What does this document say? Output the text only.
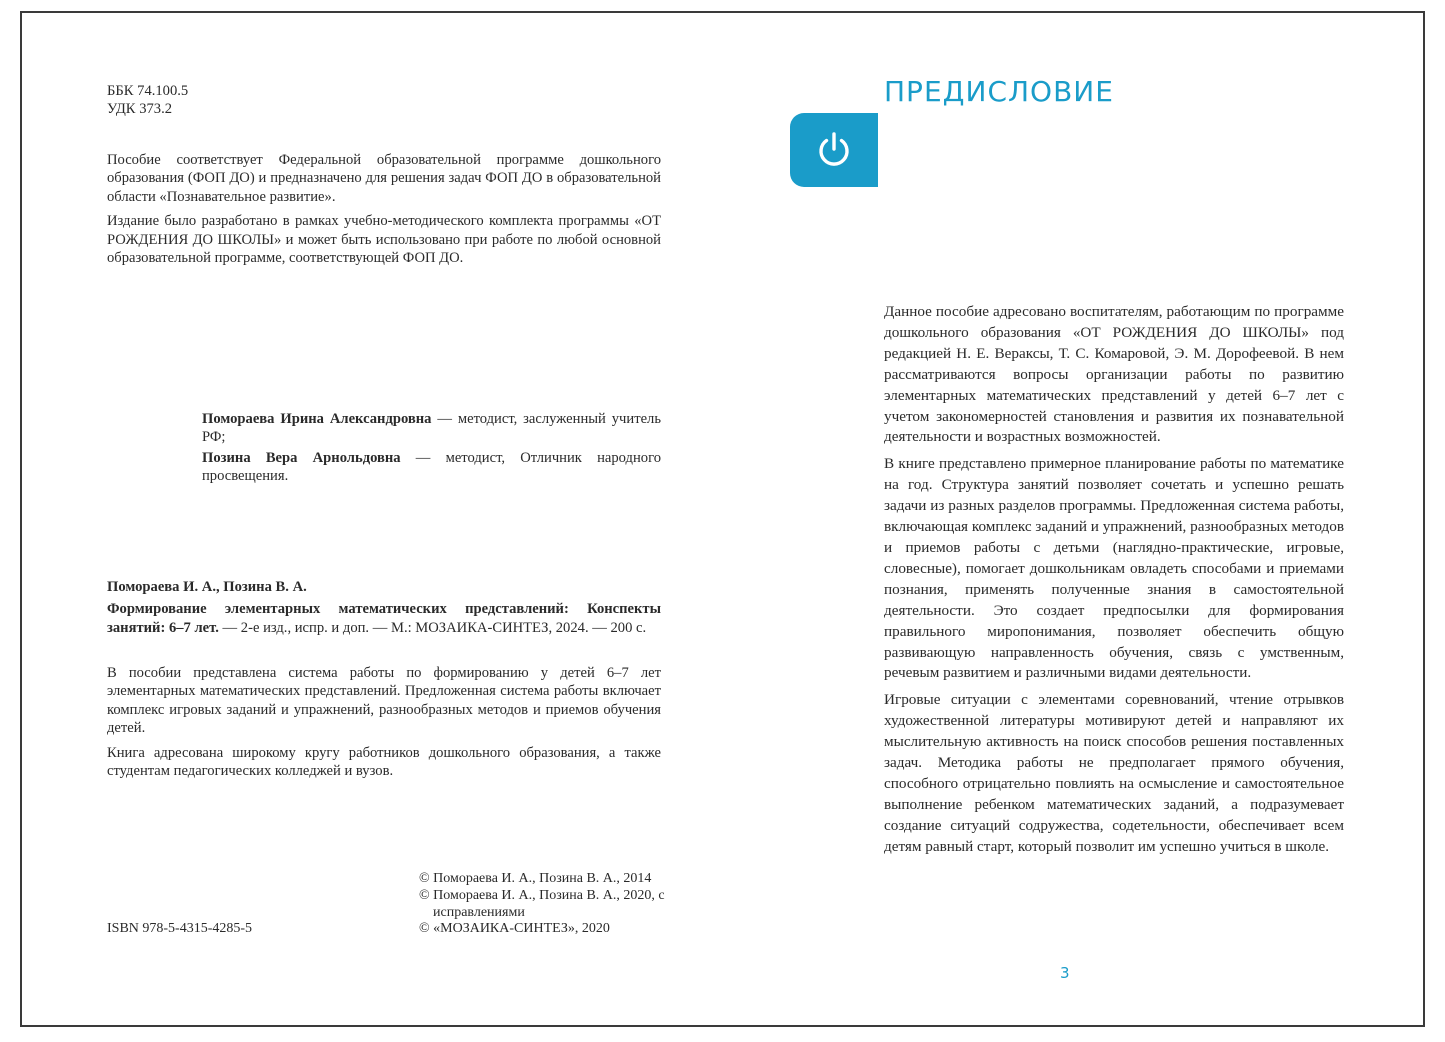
ББК 74.100.5
УДК 373.2

Пособие соответствует Федеральной образовательной программе дошкольного образования (ФОП ДО) и предназначено для решения задач ФОП ДО в образовательной области «Познавательное развитие».

Издание было разработано в рамках учебно-методического комплекта программы «ОТ РОЖДЕНИЯ ДО ШКОЛЫ» и может быть использовано при работе по любой основной образовательной программе, соответствующей ФОП ДО.

Помораева Ирина Александровна — методист, заслуженный учитель РФ;

Позина Вера Арнольдовна — методист, Отличник народного просвещения.

Помораева И. А., Позина В. А.

Формирование элементарных математических представлений: Конспекты занятий: 6–7 лет. — 2-е изд., испр. и доп. — М.: МОЗАИКА-СИНТЕЗ, 2024. — 200 с.

В пособии представлена система работы по формированию у детей 6–7 лет элементарных математических представлений. Предложенная система работы включает комплекс игровых заданий и упражнений, разнообразных методов и приемов обучения детей.

Книга адресована широкому кругу работников дошкольного образования, а также студентам педагогических колледжей и вузов.

© Помораева И. А., Позина В. А., 2014

© Помораева И. А., Позина В. А., 2020, с исправлениями

© «МОЗАИКА-СИНТЕЗ», 2020

ISBN 978-5-4315-4285-5
ПРЕДИСЛОВИЕ

Данное пособие адресовано воспитателям, работающим по программе дошкольного образования «ОТ РОЖДЕНИЯ ДО ШКОЛЫ» под редакцией Н. Е. Вераксы, Т. С. Комаровой, Э. М. Дорофеевой. В нем рассматриваются вопросы организации работы по развитию элементарных математических представлений у детей 6–7 лет с учетом закономерностей становления и развития их познавательной деятельности и возрастных возможностей.

В книге представлено примерное планирование работы по математике на год. Структура занятий позволяет сочетать и успешно решать задачи из разных разделов программы. Предложенная система работы, включающая комплекс заданий и упражнений, разнообразных методов и приемов работы с детьми (наглядно-практические, игровые, словесные), помогает дошкольникам овладеть способами и приемами познания, применять полученные знания в самостоятельной деятельности. Это создает предпосылки для формирования правильного миропонимания, позволяет обеспечить общую развивающую направленность обучения, связь с умственным, речевым развитием и различными видами деятельности.

Игровые ситуации с элементами соревнований, чтение отрывков художественной литературы мотивируют детей и направляют их мыслительную активность на поиск способов решения поставленных задач. Методика работы не предполагает прямого обучения, способного отрицательно повлиять на осмысление и самостоятельное выполнение ребенком математических заданий, а подразумевает создание ситуаций содружества, содетельности, обеспечивает всем детям равный старт, который позволит им успешно учиться в школе.

3
